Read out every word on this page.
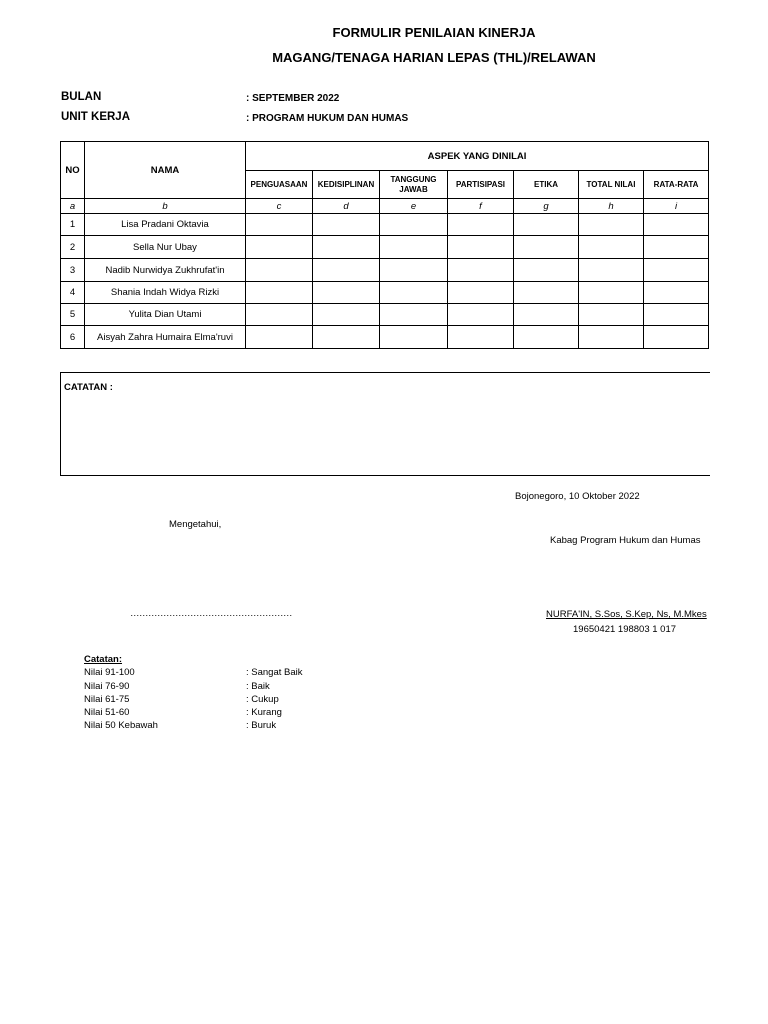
FORMULIR PENILAIAN KINERJA
MAGANG/TENAGA HARIAN LEPAS (THL)/RELAWAN
BULAN	: SEPTEMBER 2022
UNIT KERJA	: PROGRAM HUKUM DAN HUMAS
NO	NAMA	ASPEK YANG DINILAI						
		PENGUASAAN	KEDISIPLINAN	TANGGUNG JAWAB	PARTISIPASI	ETIKA	TOTAL NILAI	RATA-RATA
a	b	c	d	e	f	g	h	i
1	Lisa Pradani Oktavia							
2	Sella Nur Ubay							
3	Nadib Nurwidya Zukhrufat'in							
4	Shania Indah Widya Rizki							
5	Yulita Dian Utami							
6	Aisyah Zahra Humaira Elma'ruvi							
CATATAN :
Bojonegoro, 10 Oktober 2022
Mengetahui,
Kabag Program Hukum dan Humas
………………………………………………	NURFA'IN, S.Sos, S.Kep, Ns, M.Mkes
19650421 198803 1 017
Catatan:
Nilai 91-100	: Sangat Baik
Nilai 76-90	: Baik
Nilai 61-75	: Cukup
Nilai 51-60	: Kurang
Nilai 50 Kebawah	: Buruk
